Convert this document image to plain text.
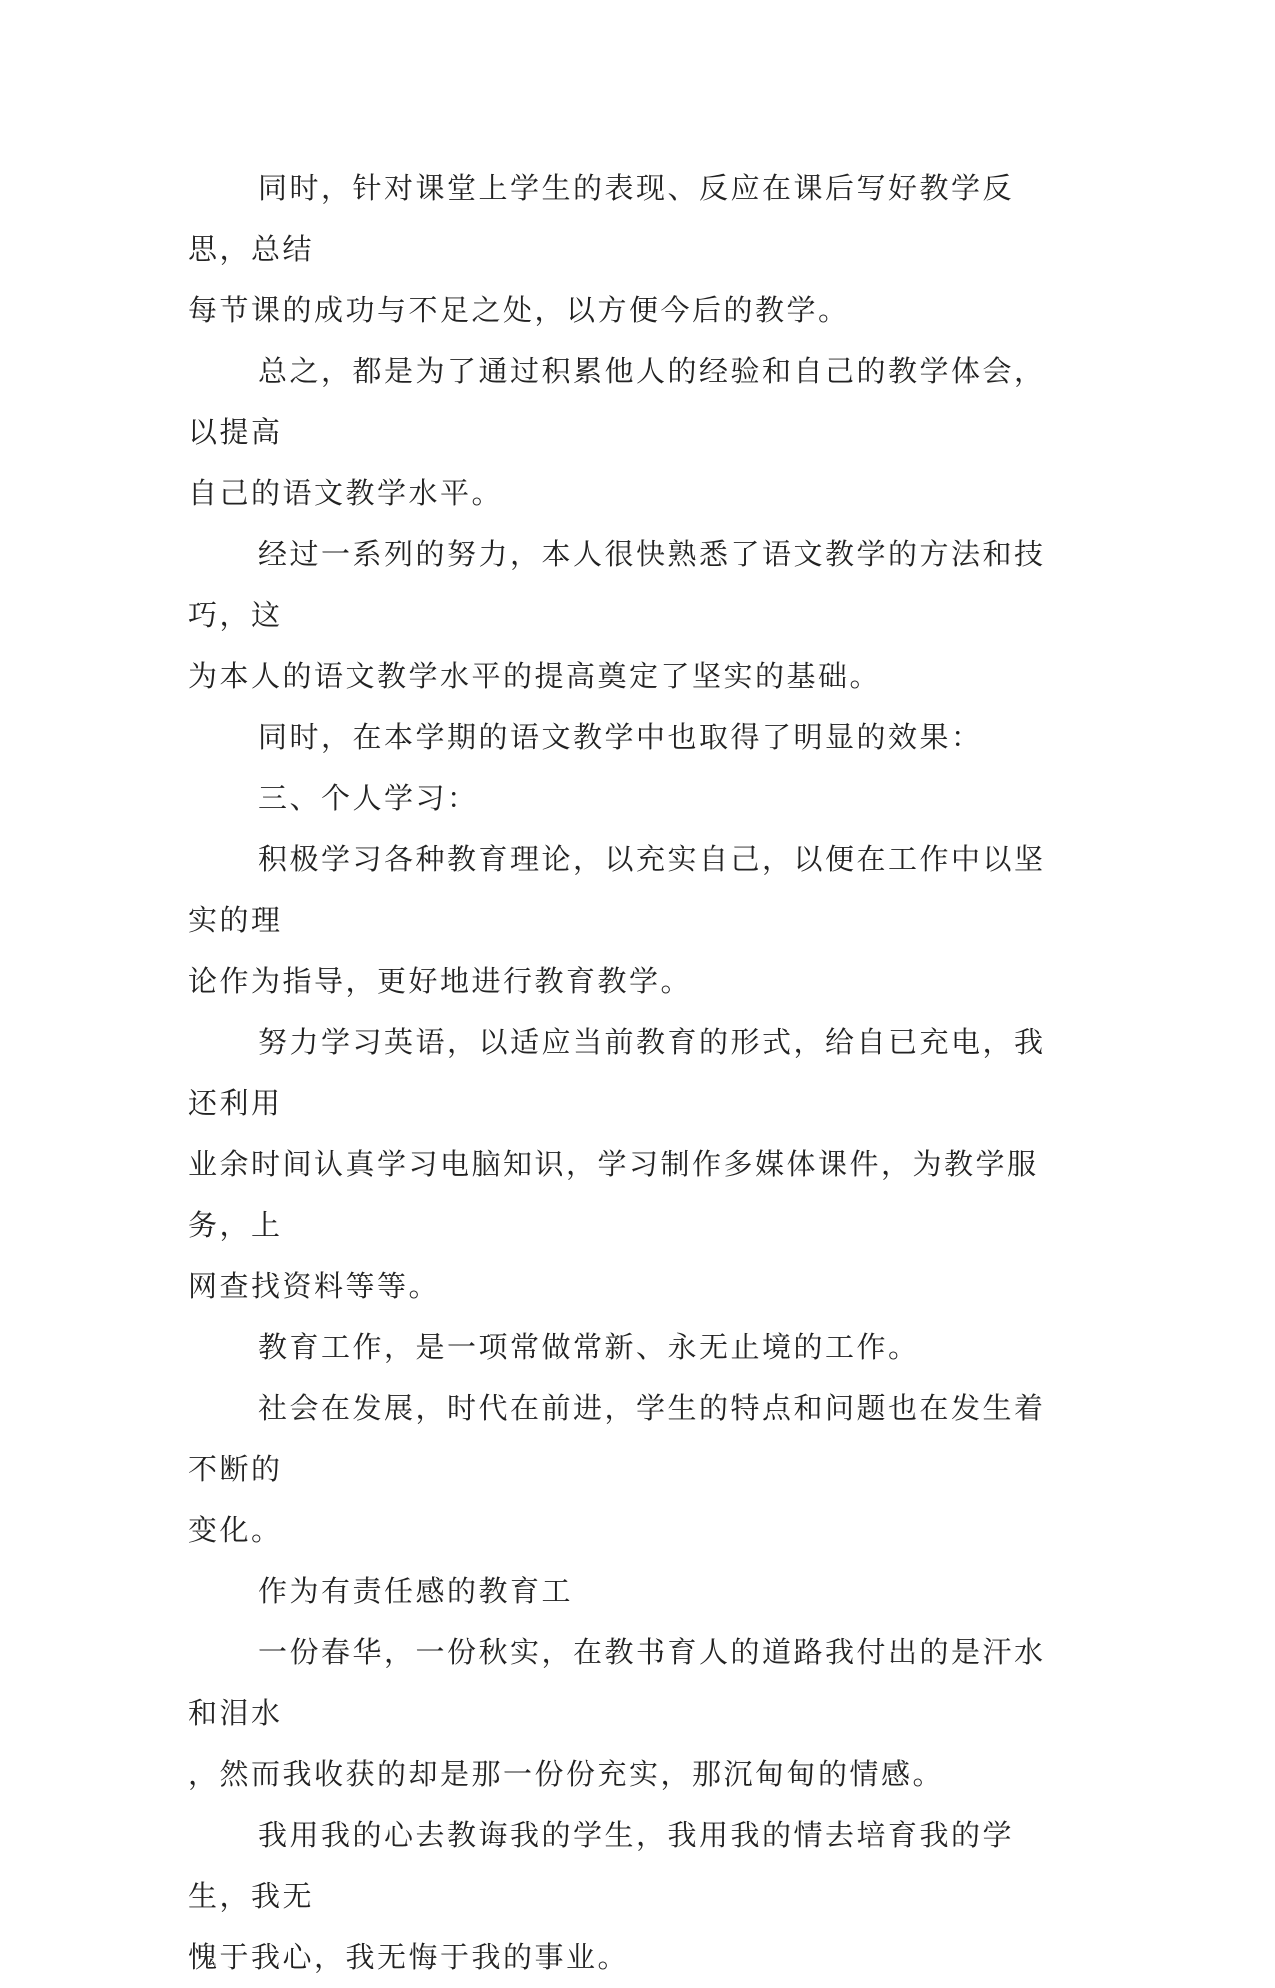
同时，针对课堂上学生的表现、反应在课后写好教学反思，总结
每节课的成功与不足之处，以方便今后的教学。

总之，都是为了通过积累他人的经验和自己的教学体会，以提高
自己的语文教学水平。

经过一系列的努力，本人很快熟悉了语文教学的方法和技巧，这
为本人的语文教学水平的提高奠定了坚实的基础。

同时，在本学期的语文教学中也取得了明显的效果：

三、个人学习：

积极学习各种教育理论，以充实自己，以便在工作中以坚实的理
论作为指导，更好地进行教育教学。

努力学习英语，以适应当前教育的形式，给自已充电，我还利用
业余时间认真学习电脑知识，学习制作多媒体课件，为教学服务，上
网查找资料等等。

教育工作，是一项常做常新、永无止境的工作。

社会在发展，时代在前进，学生的特点和问题也在发生着不断的
变化。

作为有责任感的教育工

一份春华，一份秋实，在教书育人的道路我付出的是汗水和泪水
，然而我收获的却是那一份份充实，那沉甸甸的情感。

我用我的心去教诲我的学生，我用我的情去培育我的学生，我无
愧于我心，我无悔于我的事业。
